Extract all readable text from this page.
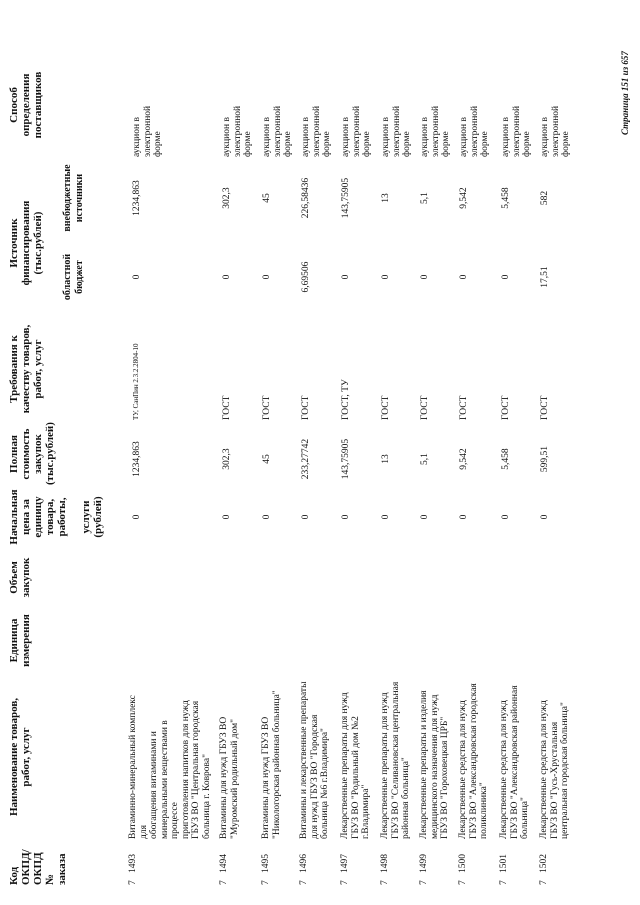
Код ОКПД/ ОКПД № заказа
Наименование товаров, работ, услуг
Единица измерения
Объем закупок
Начальная цена за единицу товара, работы, услуги (рублей)
Полная стоимость закупок (тыс.рублей)
Требования к качеству товаров, работ, услуг
Источник финансирования (тыс.рублей)
областной бюджет
внебюджетные источники
Способ определения поставщиков
7
1493
Витаминно-минеральный комплекс для обогащения витаминами и минеральными веществами в процессе приготовления напитков для нужд ГБУЗ ВО "Центральная городская больница г. Коврова"
0
1234,863
ТУ, СанПин 2.3.2.2804-10
0
1234,863
аукцион в электронной форме
7
1494
Витамины для нужд ГБУЗ ВО "Муромский родильный дом"
0
302,3
ГОСТ
0
302,3
аукцион в электронной форме
7
1495
Витамины для нужд ГБУЗ ВО "Никологорская районная больница"
0
45
ГОСТ
0
45
аукцион в электронной форме
7
1496
Витамины и лекарственные препараты для нужд ГБУЗ ВО "Городская больница №6 г.Владимира"
0
233,27742
ГОСТ
6,69506
226,58436
аукцион в электронной форме
7
1497
Лекарственные препараты для нужд ГБУЗ ВО "Родильный дом №2 г.Владимира"
0
143,75905
ГОСТ, ТУ
0
143,75905
аукцион в электронной форме
7
1498
Лекарственные препараты для нужд ГБУЗ ВО "Селивановская центральная районная больница"
0
13
ГОСТ
0
13
аукцион в электронной форме
7
1499
Лекарственные препараты и изделия медицинского назначения для нужд ГБУЗ ВО "Гороховецкая ЦРБ"
0
5,1
ГОСТ
0
5,1
аукцион в электронной форме
7
1500
Лекарственные средства для нужд ГБУЗ ВО "Александровская городская поликлиника"
0
9,542
ГОСТ
0
9,542
аукцион в электронной форме
7
1501
Лекарственные средства для нужд ГБУЗ ВО "Александровская районная больница"
0
5,458
ГОСТ
0
5,458
аукцион в электронной форме
7
1502
Лекарственные средства для нужд ГБУЗ ВО "Гусь-Хрустальная центральная городская больница"
0
599,51
ГОСТ
17,51
582
аукцион в электронной форме
Страница 151 из 657
